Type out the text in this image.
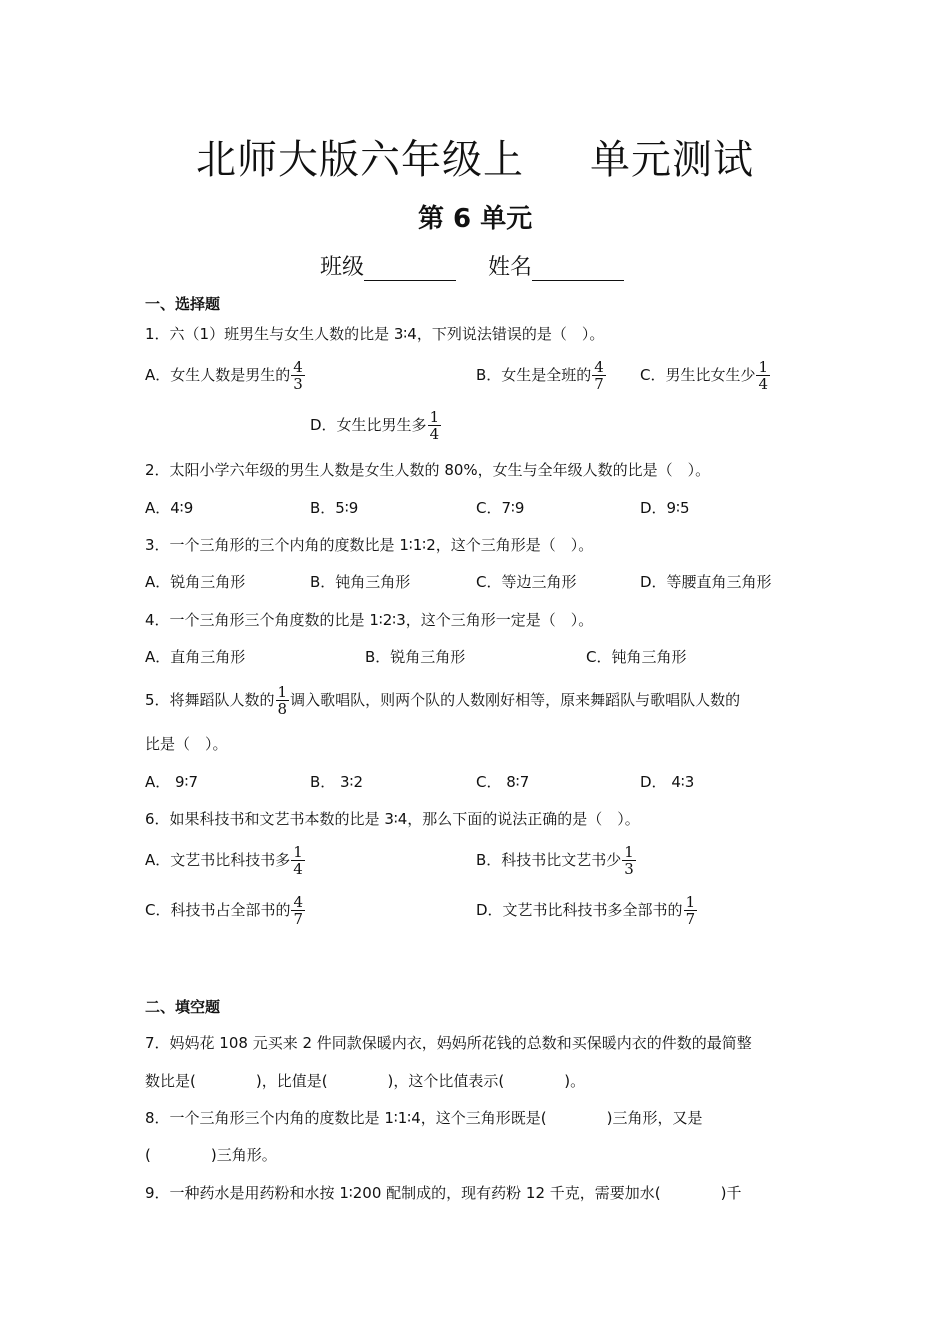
北师大版六年级上 单元测试
第 6 单元
班级	姓名
一、选择题
1．六（1）班男生与女生人数的比是 3∶4，下列说法错误的是（　）。
A．女生人数是男生的 $\frac{4}{3}$	B．女生是全班的 $\frac{4}{7}$ C．男生比女生少 $\frac{1}{4}$
D．女生比男生多 $\frac{1}{4}$
2．太阳小学六年级的男生人数是女生人数的 80%，女生与全年级人数的比是（　）。
A．4∶9	B．5∶9	C．7∶9	D．9∶5
3．一个三角形的三个内角的度数比是 1∶1∶2，这个三角形是（　）。
A．锐角三角形	B．钝角三角形	C．等边三角形	D．等腰直角三角形
4．一个三角形三个角度数的比是 1∶2∶3，这个三角形一定是（　）。
A．直角三角形	B．锐角三角形	C．钝角三角形
5．将舞蹈队人数的 $\frac{1}{8}$ 调入歌唱队，则两个队的人数刚好相等，原来舞蹈队与歌唱队人数的
比是（　）。
A． 9∶7	B． 3∶2	C． 8∶7	D． 4∶3
6．如果科技书和文艺书本数的比是 3∶4，那么下面的说法正确的是（　）。
A．文艺书比科技书多 $\frac{1}{4}$	B．科技书比文艺书少 $\frac{1}{3}$
C．科技书占全部书的 $\frac{4}{7}$	D．文艺书比科技书多全部书的 $\frac{1}{7}$
二、填空题
7．妈妈花 108 元买来 2 件同款保暖内衣，妈妈所花钱的总数和买保暖内衣的件数的最简整
数比是(　　　　)，比值是(　　　　)，这个比值表示(　　　　)。
8．一个三角形三个内角的度数比是 1∶1∶4，这个三角形既是(　　　　)三角形，又是
(　　　　)三角形。
9．一种药水是用药粉和水按 1∶200 配制成的，现有药粉 12 千克，需要加水(　　　　)千
